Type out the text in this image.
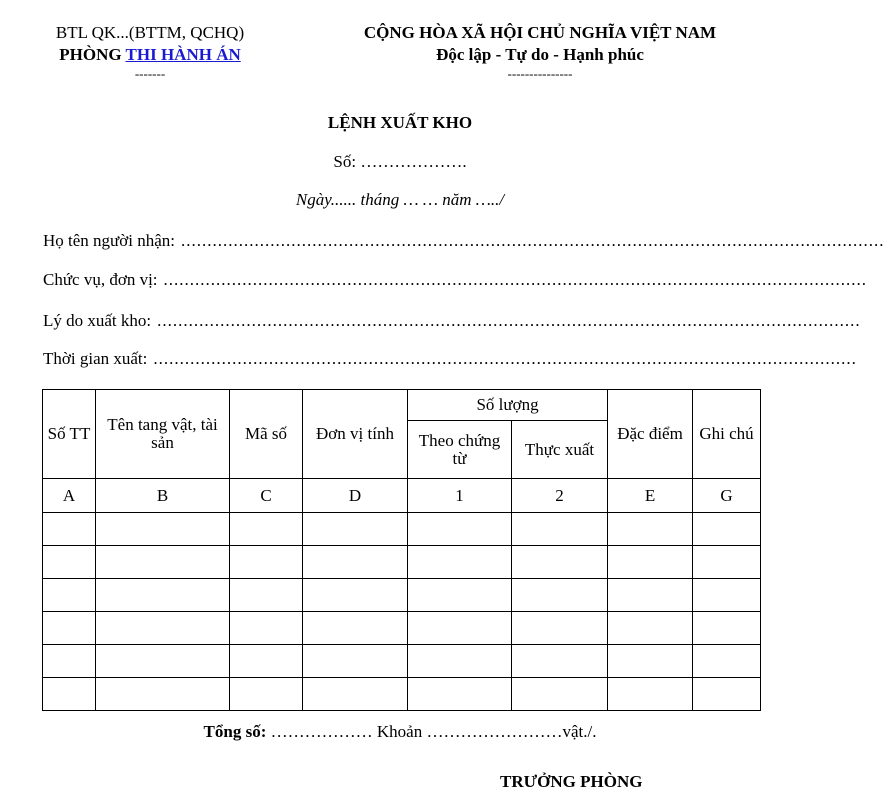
BTL QK...(BTTM, QCHQ)
PHÒNG THI HÀNH ÁN
-------
CỘNG HÒA XÃ HỘI CHỦ NGHĨA VIỆT NAM
Độc lập - Tự do - Hạnh phúc
---------------
LỆNH XUẤT KHO
Số: ……………….
Ngày...... tháng … … năm …../
Họ tên người nhận: ......................................................................................................................................
Chức vụ, đơn vị: ......................................................................................................................................
Lý do xuất kho: ......................................................................................................................................
Thời gian xuất: ......................................................................................................................................
Số TT	Tên tang vật, tài sản	Mã số	Đơn vị tính	Số lượng		Đặc điểm	Ghi chú
				Theo chứng từ	Thực xuất		
A	B	C	D	1	2	E	G

Tổng số: ……………… Khoản ……………………vật./.
TRƯỞNG PHÒNG
